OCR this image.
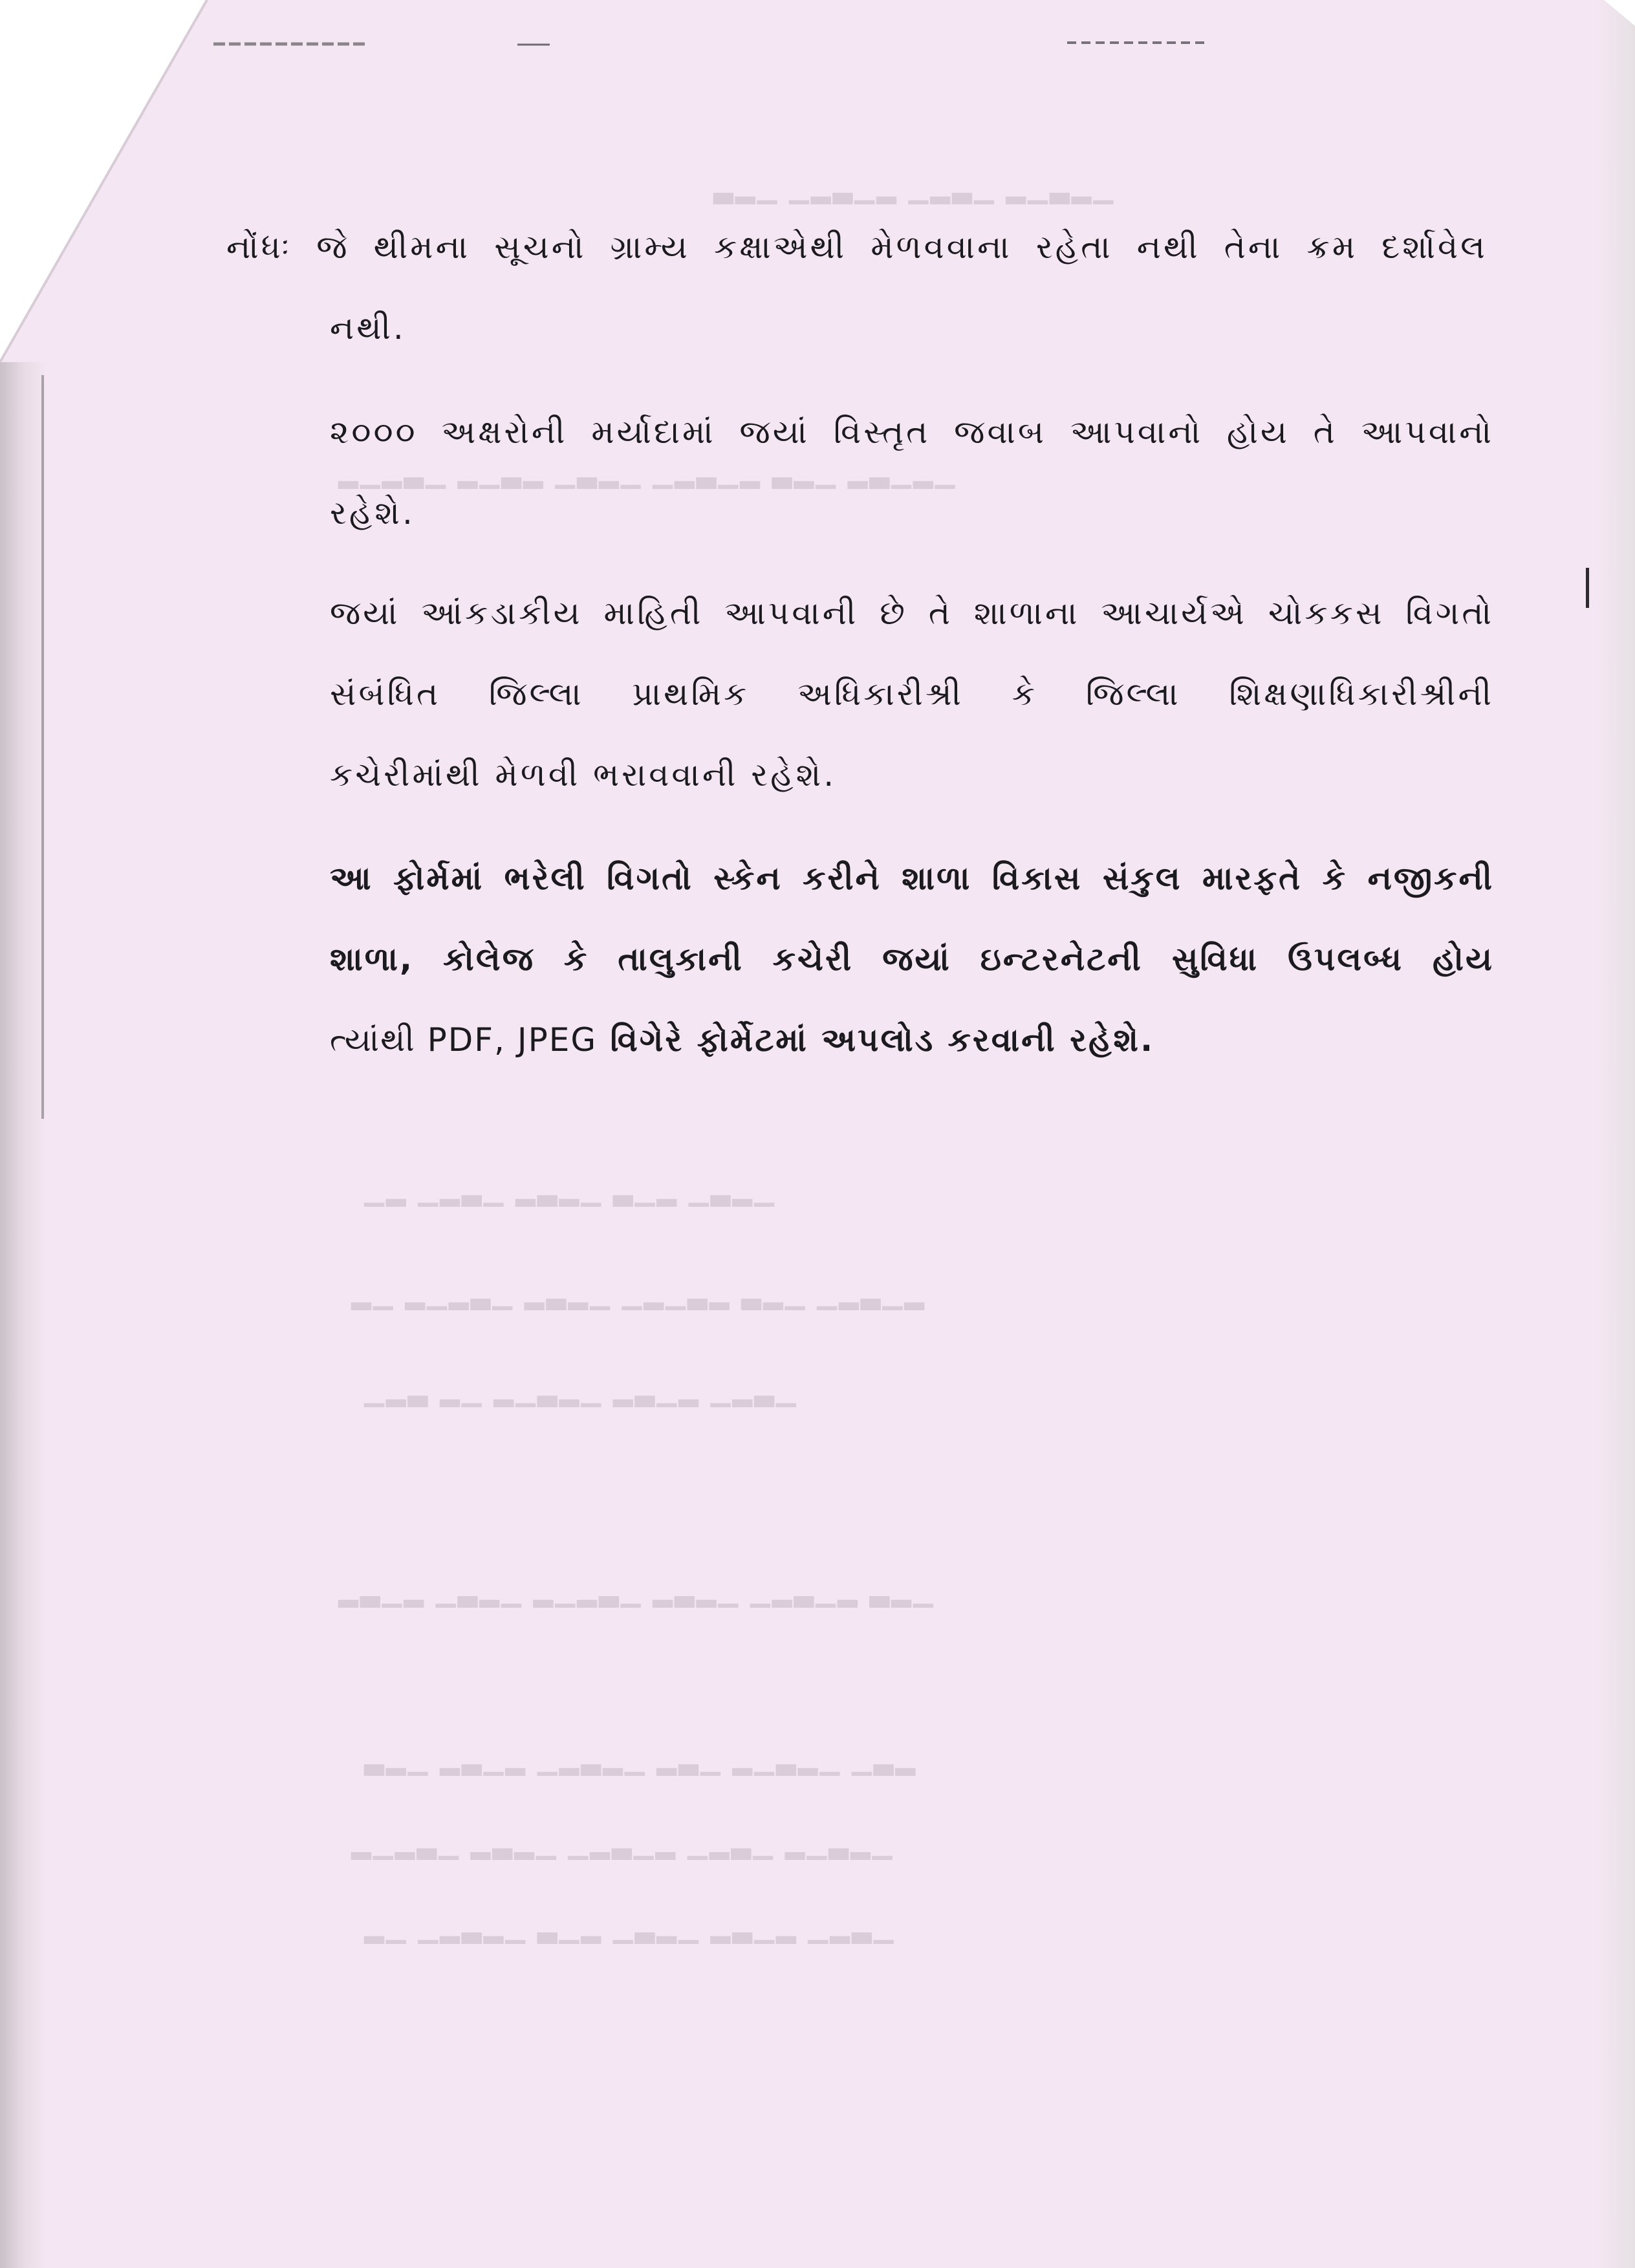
▁▂▃▁▂ ▁▃▂▁ ▂▁▃▂▁ ▁▂▃
▁▂▁▃▂ ▁▂▃ ▂▁▃▂▁ ▁▂▃▁ ▂▃▁▂ ▁▃▂▁▂
▁▂▃▁ ▂▁▃ ▁▂▃▂ ▁▃▂▁ ▂▁
▂▁▃▂▁ ▁▂▃ ▂▃▁▂▁ ▁▂▃▂ ▁▃▂▁▂ ▁▂
▁▃▂▁ ▂▁▃▂ ▁▂▃▁▂ ▁▂ ▃▂▁
▁▂▃ ▂▁▃▂▁ ▁▂▃▂ ▁▃▂▁▂ ▁▂▃▁ ▂▁▃▂
▂▃▁ ▁▂▃▁▂ ▁▃▂ ▁▂▃▂▁ ▂▁▃▂ ▁▂▃
▁▂▃▁▂ ▁▃▂▁ ▂▁▃▂▁ ▁▂▃▂ ▁▃▂▁▂
▁▃▂▁ ▂▁▃▂ ▁▂▃▁ ▂▁▃ ▁▂▃▂▁ ▁▂
નોંધઃ જે થીમના સૂચનો ગ્રામ્ય કક્ષાએથી મેળવવાના રહેતા નથી તેના ક્રમ દર્શાવેલ
નથી.
૨૦૦૦ અક્ષરોની મર્યાદામાં જયાં વિસ્તૃત જવાબ આપવાનો હોય તે આપવાનો
રહેશે.
જયાં આંકડાકીય માહિતી આપવાની છે તે શાળાના આચાર્યએ ચોકકસ વિગતો
સંબંધિત જિલ્લા પ્રાથમિક અધિકારીશ્રી કે જિલ્લા શિક્ષણાધિકારીશ્રીની
કચેરીમાંથી મેળવી ભરાવવાની રહેશે.
આ ફોર્મમાં ભરેલી વિગતો સ્કેન કરીને શાળા વિકાસ સંકુલ મારફતે કે નજીકની
શાળા, કોલેજ કે તાલુકાની કચેરી જયાં ઇન્ટરનેટની સુવિધા ઉપલબ્ધ હોય
ત્યાંથી PDF, JPEG વિગેરે ફોર્મેટમાં અપલોડ કરવાની રહેશે.
